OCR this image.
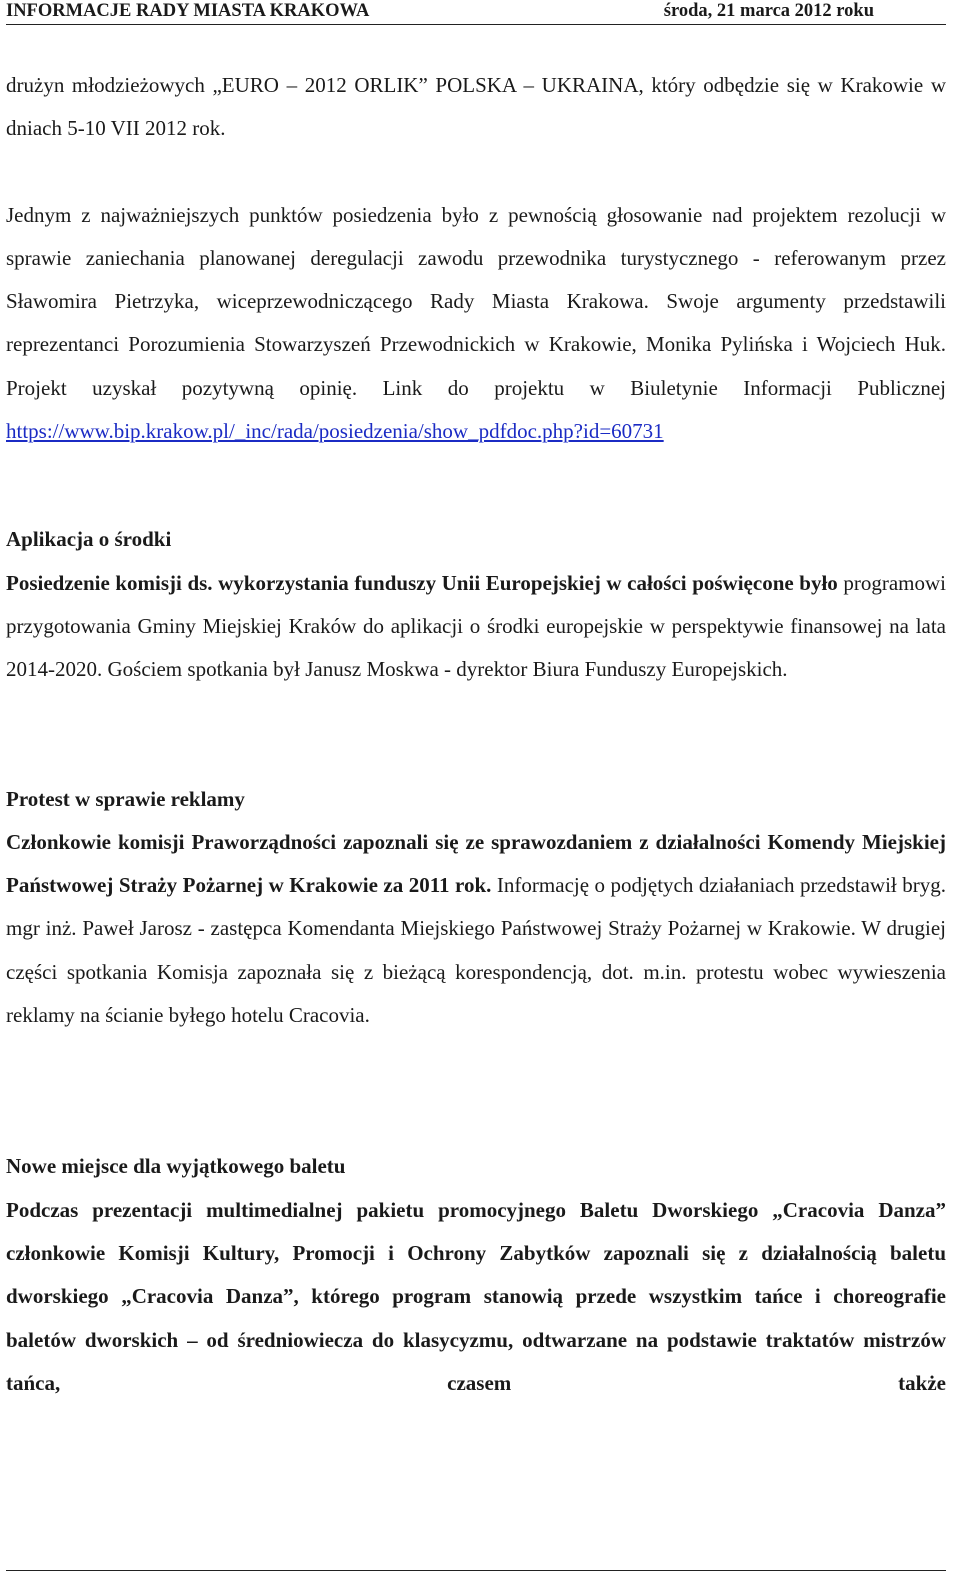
INFORMACJE RADY MIASTA KRAKOWA	środa, 21 marca 2012 roku

drużyn młodzieżowych „EURO – 2012 ORLIK” POLSKA – UKRAINA, który odbędzie się w Krakowie w dniach 5-10 VII 2012 rok.

Jednym z najważniejszych punktów posiedzenia było z pewnością głosowanie nad projektem rezolucji w sprawie zaniechania planowanej deregulacji zawodu przewodnika turystycznego - referowanym przez Sławomira Pietrzyka, wiceprzewodniczącego Rady Miasta Krakowa. Swoje argumenty przedstawili reprezentanci Porozumienia Stowarzyszeń Przewodnickich w Krakowie, Monika Pylińska i Wojciech Huk. Projekt uzyskał pozytywną opinię. Link do projektu w Biuletynie Informacji Publicznej https://www.bip.krakow.pl/_inc/rada/posiedzenia/show_pdfdoc.php?id=60731

Aplikacja o środki

Posiedzenie komisji ds. wykorzystania funduszy Unii Europejskiej w całości poświęcone było programowi przygotowania Gminy Miejskiej Kraków do aplikacji o środki europejskie w perspektywie finansowej na lata 2014-2020. Gościem spotkania był Janusz Moskwa - dyrektor Biura Funduszy Europejskich.

Protest w sprawie reklamy

Członkowie komisji Praworządności zapoznali się ze sprawozdaniem z działalności Komendy Miejskiej Państwowej Straży Pożarnej w Krakowie za 2011 rok. Informację o podjętych działaniach przedstawił bryg. mgr inż. Paweł Jarosz - zastępca Komendanta Miejskiego Państwowej Straży Pożarnej w Krakowie. W drugiej części spotkania Komisja zapoznała się z bieżącą korespondencją, dot. m.in. protestu wobec wywieszenia reklamy na ścianie byłego hotelu Cracovia.

Nowe miejsce dla wyjątkowego baletu

Podczas prezentacji multimedialnej pakietu promocyjnego Baletu Dworskiego „Cracovia Danza” członkowie Komisji Kultury, Promocji i Ochrony Zabytków zapoznali się z działalnością baletu dworskiego „Cracovia Danza”, którego program stanowią przede wszystkim tańce i choreografie baletów dworskich – od średniowiecza do klasycyzmu, odtwarzane na podstawie traktatów mistrzów tańca, czasem także
